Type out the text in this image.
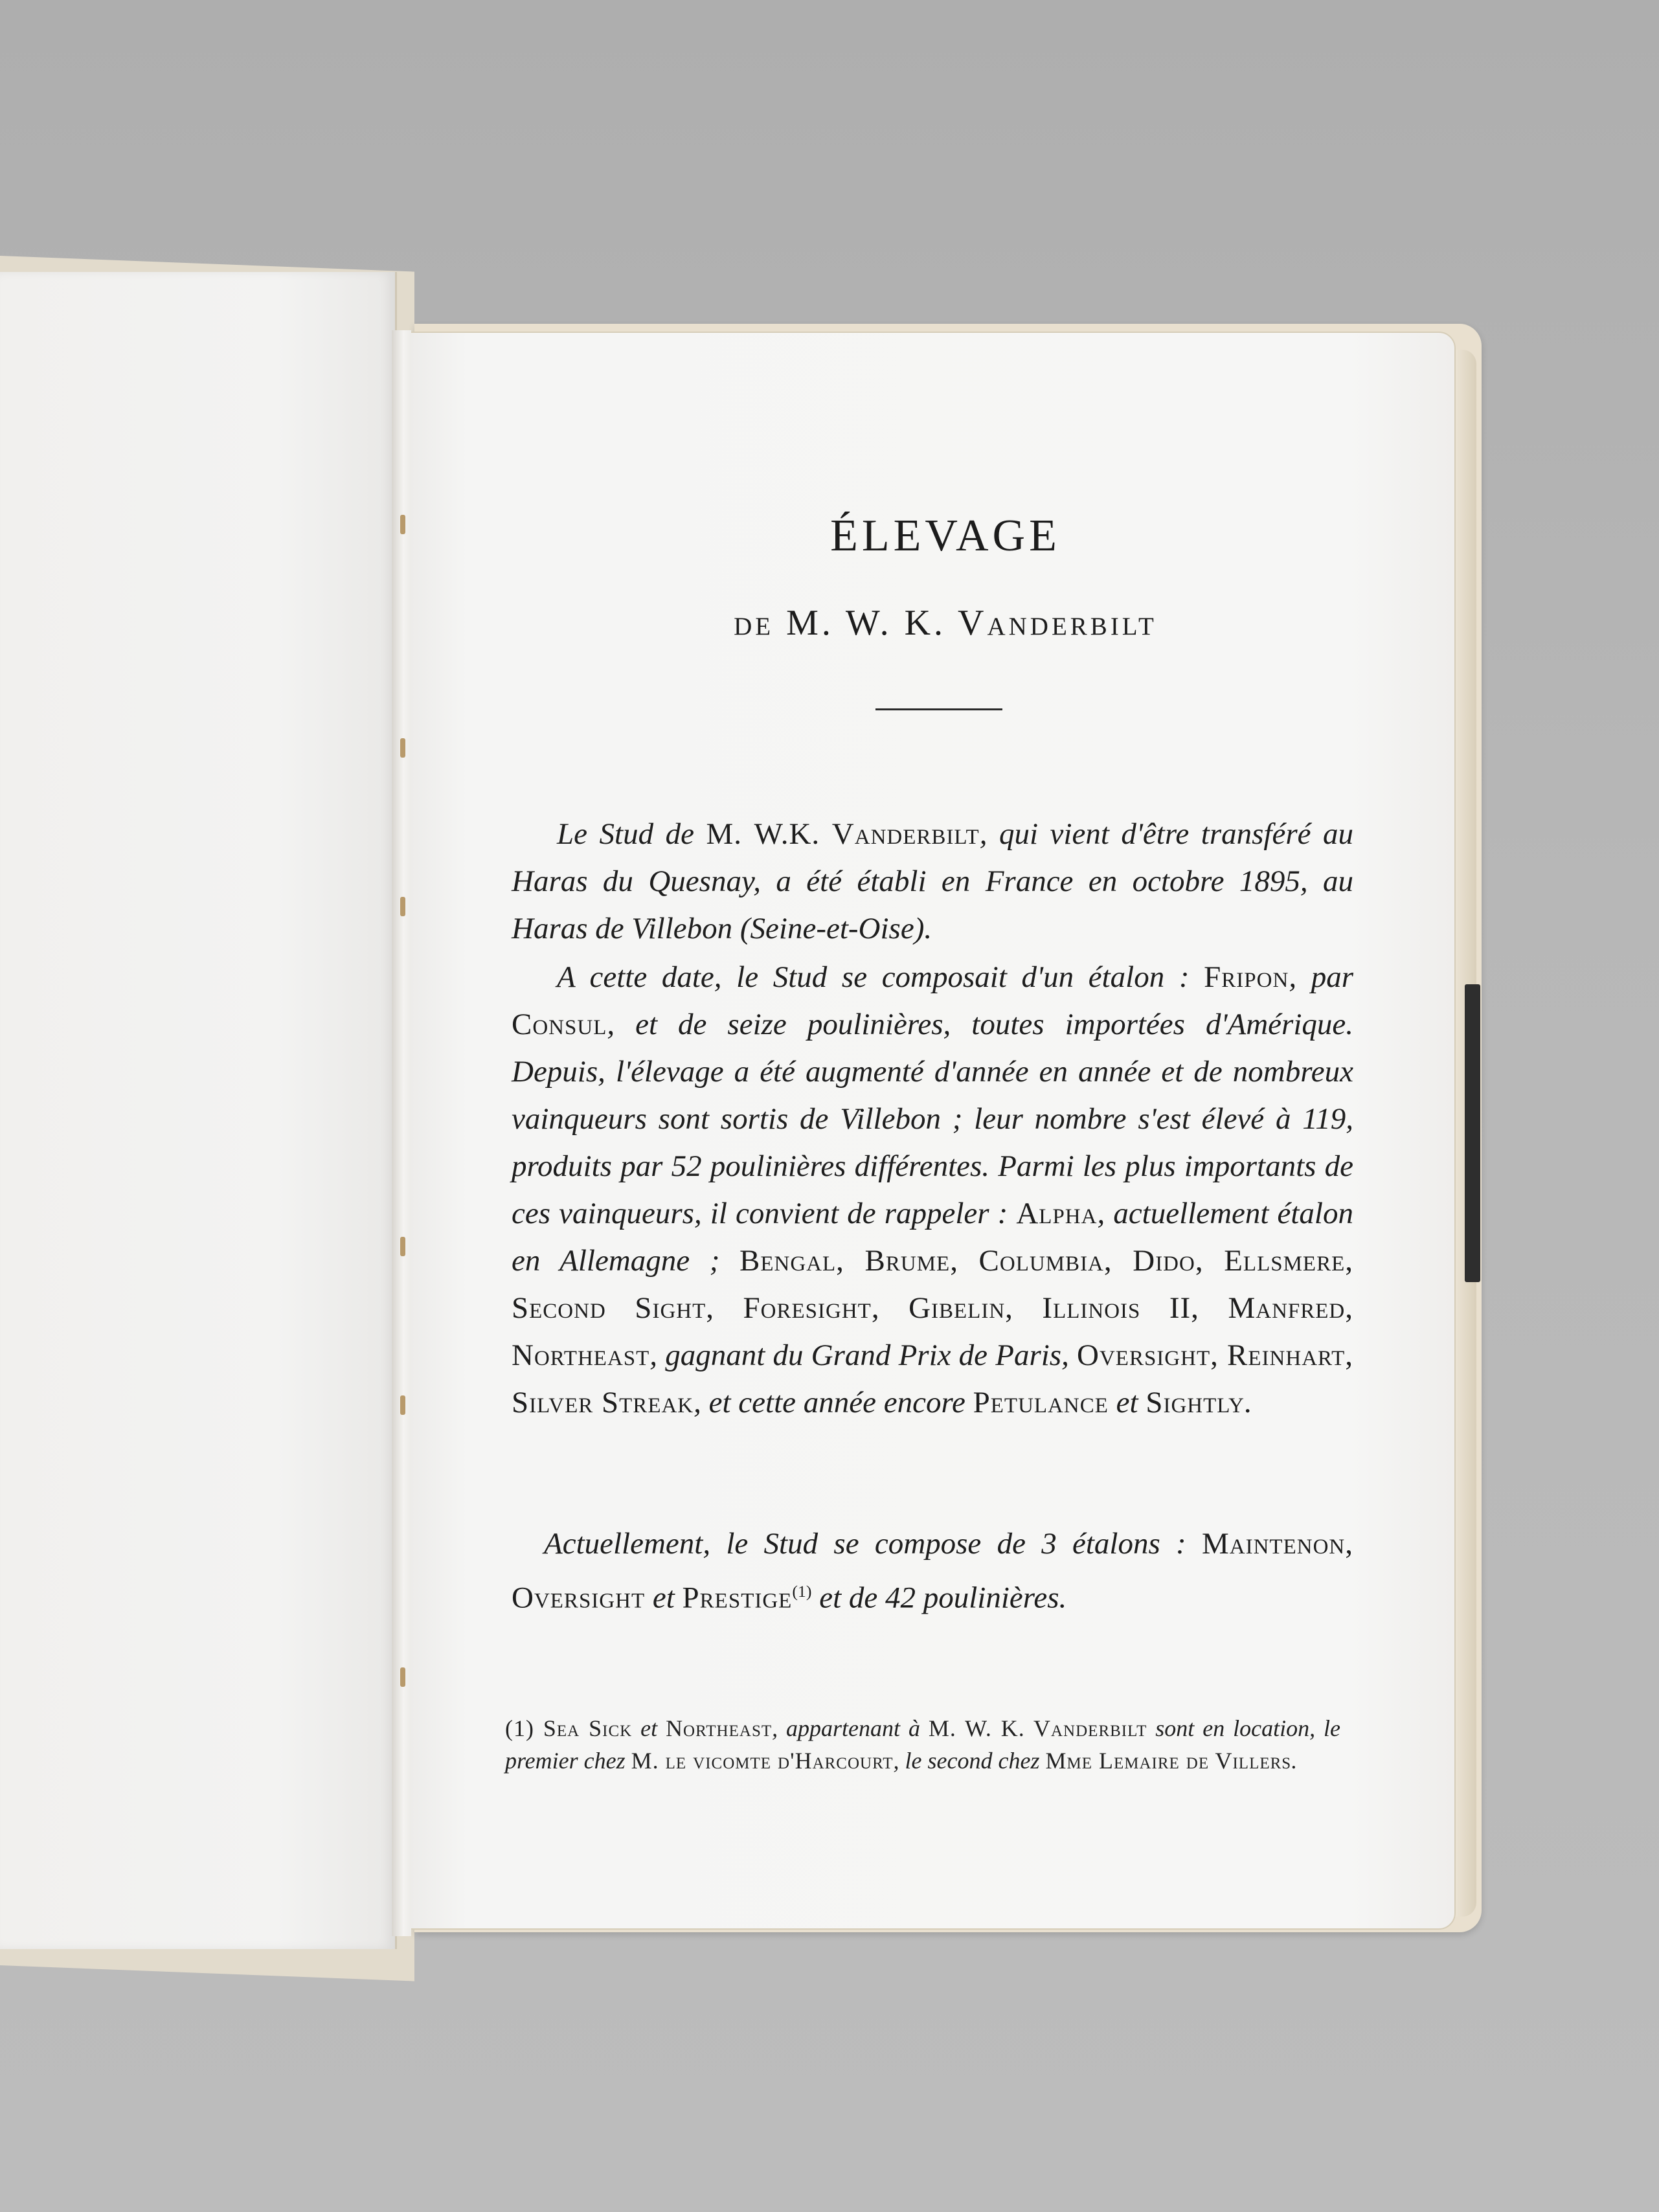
ÉLEVAGE
de M. W. K. Vanderbilt
Le Stud de M. W.K. Vanderbilt, qui vient d'être transféré au Haras du Quesnay, a été établi en France en octobre 1895, au Haras de Villebon (Seine-et-Oise).
A cette date, le Stud se composait d'un étalon : Fripon, par Consul, et de seize poulinières, toutes importées d'Amérique. Depuis, l'élevage a été augmenté d'année en année et de nombreux vainqueurs sont sortis de Villebon ; leur nombre s'est élevé à 119, produits par 52 poulinières différentes. Parmi les plus importants de ces vainqueurs, il convient de rappeler : Alpha, actuellement étalon en Allemagne ; Bengal, Brume, Columbia, Dido, Ellsmere, Second Sight, Foresight, Gibelin, Illinois II, Manfred, Northeast, gagnant du Grand Prix de Paris, Oversight, Reinhart, Silver Streak, et cette année encore Petulance et Sightly.
Actuellement, le Stud se compose de 3 étalons : Maintenon, Oversight et Prestige$^{(1)}$ et de 42 poulinières.
(1) Sea Sick et Northeast, appartenant à M. W. K. Vanderbilt sont en location, le premier chez M. le vicomte d'Harcourt, le second chez Mme Lemaire de Villers.
